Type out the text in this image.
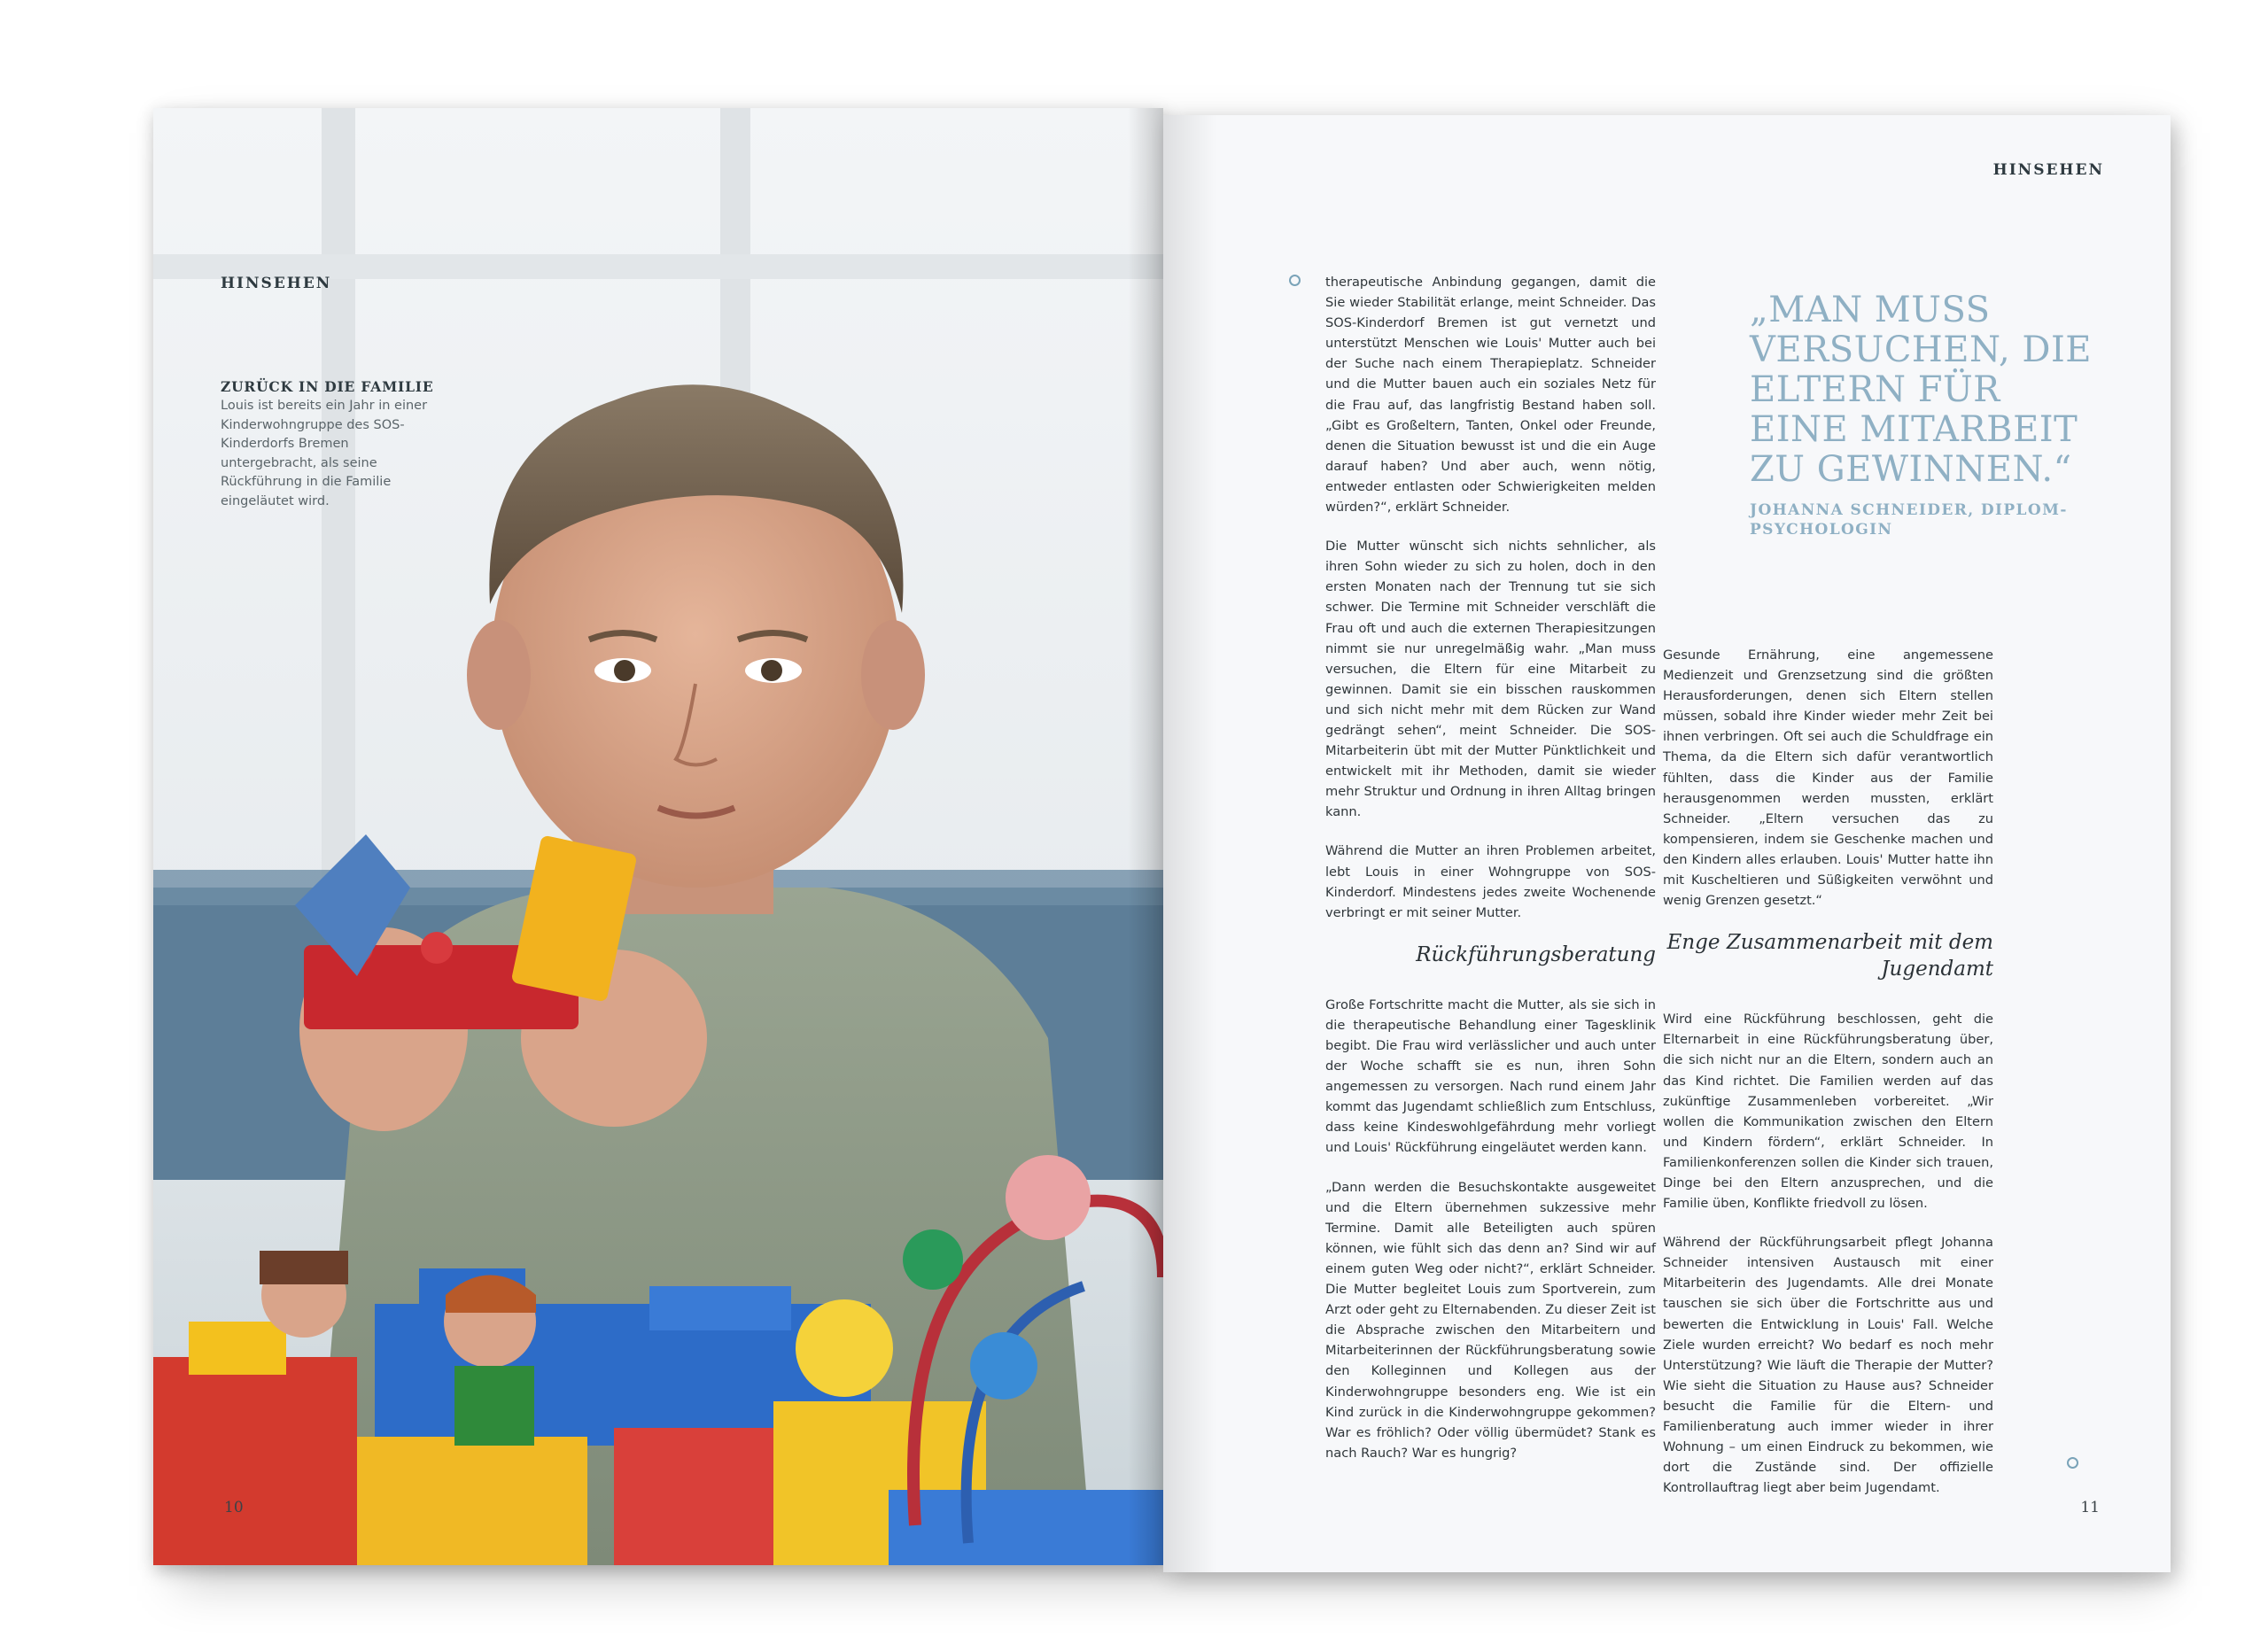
HINSEHEN
ZURÜCK IN DIE FAMILIE
Louis ist bereits ein Jahr in einer Kinderwohngruppe des SOS-Kinderdorfs Bremen untergebracht, als seine Rückführung in die Familie eingeläutet wird.
10
HINSEHEN

therapeutische Anbindung gegangen, damit die Sie wieder Stabilität erlange, meint Schneider. Das SOS-Kinderdorf Bremen ist gut vernetzt und unterstützt Menschen wie Louis' Mutter auch bei der Suche nach einem Therapieplatz. Schneider und die Mutter bauen auch ein soziales Netz für die Frau auf, das langfristig Bestand haben soll. „Gibt es Großeltern, Tanten, Onkel oder Freunde, denen die Situation bewusst ist und die ein Auge darauf haben? Und aber auch, wenn nötig, entweder entlasten oder Schwierigkeiten melden würden?“, erklärt Schneider.

Die Mutter wünscht sich nichts sehnlicher, als ihren Sohn wieder zu sich zu holen, doch in den ersten Monaten nach der Trennung tut sie sich schwer. Die Termine mit Schneider verschläft die Frau oft und auch die externen Therapiesitzungen nimmt sie nur unregelmäßig wahr. „Man muss versuchen, die Eltern für eine Mitarbeit zu gewinnen. Damit sie ein bisschen rauskommen und sich nicht mehr mit dem Rücken zur Wand gedrängt sehen“, meint Schneider. Die SOS-Mitarbeiterin übt mit der Mutter Pünktlichkeit und entwickelt mit ihr Methoden, damit sie wieder mehr Struktur und Ordnung in ihren Alltag bringen kann.

Während die Mutter an ihren Problemen arbeitet, lebt Louis in einer Wohngruppe von SOS-Kinderdorf. Mindestens jedes zweite Wochenende verbringt er mit seiner Mutter.

Rückführungsberatung

Große Fortschritte macht die Mutter, als sie sich in die therapeutische Behandlung einer Tagesklinik begibt. Die Frau wird verlässlicher und auch unter der Woche schafft sie es nun, ihren Sohn angemessen zu versorgen. Nach rund einem Jahr kommt das Jugendamt schließlich zum Entschluss, dass keine Kindeswohlgefährdung mehr vorliegt und Louis' Rückführung eingeläutet werden kann.

„Dann werden die Besuchskontakte ausgeweitet und die Eltern übernehmen sukzessive mehr Termine. Damit alle Beteiligten auch spüren können, wie fühlt sich das denn an? Sind wir auf einem guten Weg oder nicht?“, erklärt Schneider. Die Mutter begleitet Louis zum Sportverein, zum Arzt oder geht zu Elternabenden. Zu dieser Zeit ist die Absprache zwischen den Mitarbeitern und Mitarbeiterinnen der Rückführungsberatung sowie den Kolleginnen und Kollegen aus der Kinderwohngruppe besonders eng. Wie ist ein Kind zurück in die Kinderwohngruppe gekommen? War es fröhlich? Oder völlig übermüdet? Stank es nach Rauch? War es hungrig?

„MAN MUSS VERSUCHEN, DIE ELTERN FÜR EINE MITARBEIT ZU GEWINNEN.“
JOHANNA SCHNEIDER, DIPLOM-PSYCHOLOGIN

Gesunde Ernährung, eine angemessene Medienzeit und Grenzsetzung sind die größten Herausforderungen, denen sich Eltern stellen müssen, sobald ihre Kinder wieder mehr Zeit bei ihnen verbringen. Oft sei auch die Schuldfrage ein Thema, da die Eltern sich dafür verantwortlich fühlten, dass die Kinder aus der Familie herausgenommen werden mussten, erklärt Schneider. „Eltern versuchen das zu kompensieren, indem sie Geschenke machen und den Kindern alles erlauben. Louis' Mutter hatte ihn mit Kuscheltieren und Süßigkeiten verwöhnt und wenig Grenzen gesetzt.“

Enge Zusammenarbeit mit dem Jugendamt

Wird eine Rückführung beschlossen, geht die Elternarbeit in eine Rückführungsberatung über, die sich nicht nur an die Eltern, sondern auch an das Kind richtet. Die Familien werden auf das zukünftige Zusammenleben vorbereitet. „Wir wollen die Kommunikation zwischen den Eltern und Kindern fördern“, erklärt Schneider. In Familienkonferenzen sollen die Kinder sich trauen, Dinge bei den Eltern anzusprechen, und die Familie üben, Konflikte friedvoll zu lösen.

Während der Rückführungsarbeit pflegt Johanna Schneider intensiven Austausch mit einer Mitarbeiterin des Jugendamts. Alle drei Monate tauschen sie sich über die Fortschritte aus und bewerten die Entwicklung in Louis' Fall. Welche Ziele wurden erreicht? Wo bedarf es noch mehr Unterstützung? Wie läuft die Therapie der Mutter? Wie sieht die Situation zu Hause aus? Schneider besucht die Familie für die Eltern- und Familienberatung auch immer wieder in ihrer Wohnung – um einen Eindruck zu bekommen, wie dort die Zustände sind. Der offizielle Kontrollauftrag liegt aber beim Jugendamt.

11
